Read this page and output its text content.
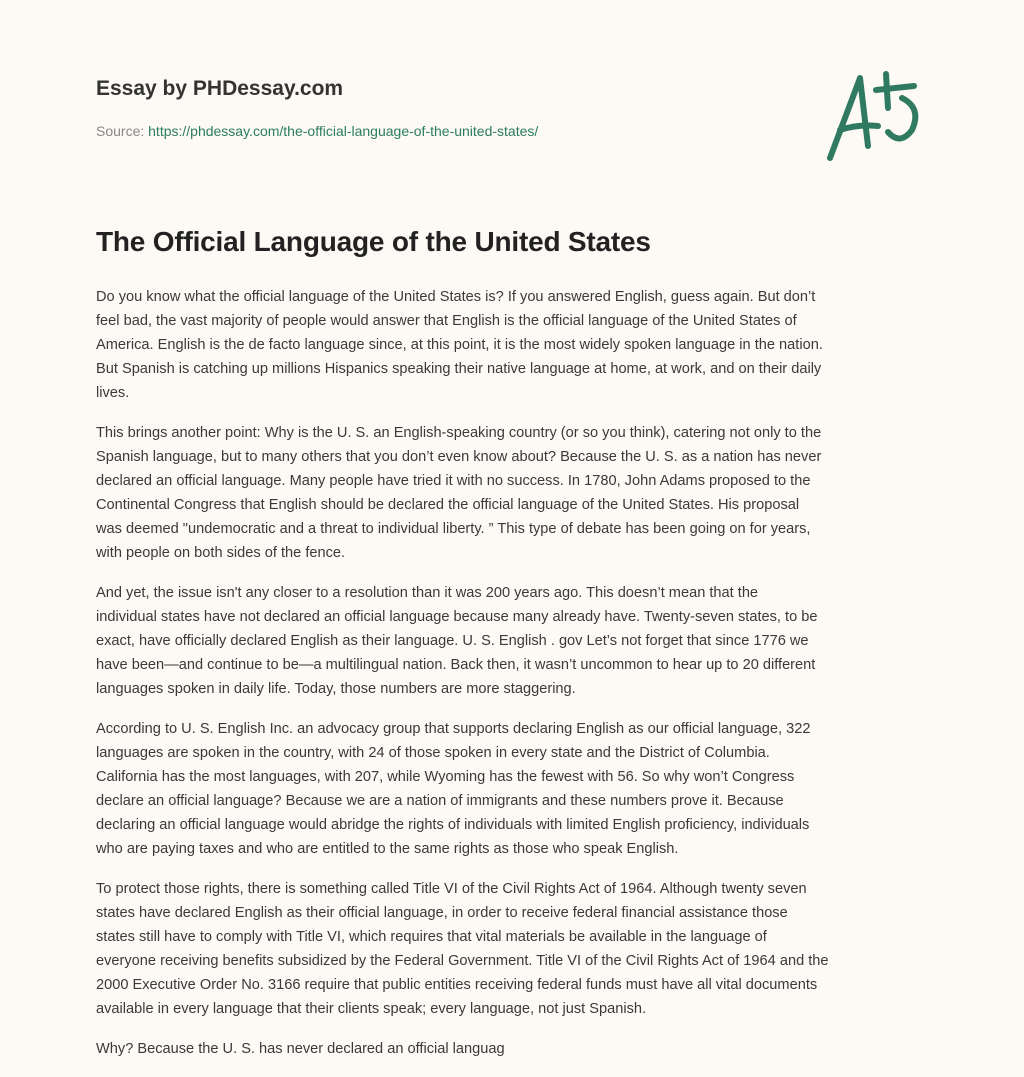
Essay by PHDessay.com

Source: https://phdessay.com/the-official-language-of-the-united-states/
The Official Language of the United States

Do you know what the official language of the United States is? If you answered English, guess again. But don’t
feel bad, the vast majority of people would answer that English is the official language of the United States of
America. English is the de facto language since, at this point, it is the most widely spoken language in the nation.
But Spanish is catching up millions Hispanics speaking their native language at home, at work, and on their daily
lives.

This brings another point: Why is the U. S. an English-speaking country (or so you think), catering not only to the
Spanish language, but to many others that you don’t even know about? Because the U. S. as a nation has never
declared an official language. Many people have tried it with no success. In 1780, John Adams proposed to the
Continental Congress that English should be declared the official language of the United States. His proposal
was deemed "undemocratic and a threat to individual liberty. ” This type of debate has been going on for years,
with people on both sides of the fence.

And yet, the issue isn't any closer to a resolution than it was 200 years ago. This doesn’t mean that the
individual states have not declared an official language because many already have. Twenty-seven states, to be
exact, have officially declared English as their language. U. S. English . gov Let’s not forget that since 1776 we
have been—and continue to be—a multilingual nation. Back then, it wasn’t uncommon to hear up to 20 different
languages spoken in daily life. Today, those numbers are more staggering.

According to U. S. English Inc. an advocacy group that supports declaring English as our official language, 322
languages are spoken in the country, with 24 of those spoken in every state and the District of Columbia.
California has the most languages, with 207, while Wyoming has the fewest with 56. So why won’t Congress
declare an official language? Because we are a nation of immigrants and these numbers prove it. Because
declaring an official language would abridge the rights of individuals with limited English proficiency, individuals
who are paying taxes and who are entitled to the same rights as those who speak English.

To protect those rights, there is something called Title VI of the Civil Rights Act of 1964. Although twenty seven
states have declared English as their official language, in order to receive federal financial assistance those
states still have to comply with Title VI, which requires that vital materials be available in the language of
everyone receiving benefits subsidized by the Federal Government. Title VI of the Civil Rights Act of 1964 and the
2000 Executive Order No. 3166 require that public entities receiving federal funds must have all vital documents
available in every language that their clients speak; every language, not just Spanish.

Why? Because the U. S. has never declared an official languag
